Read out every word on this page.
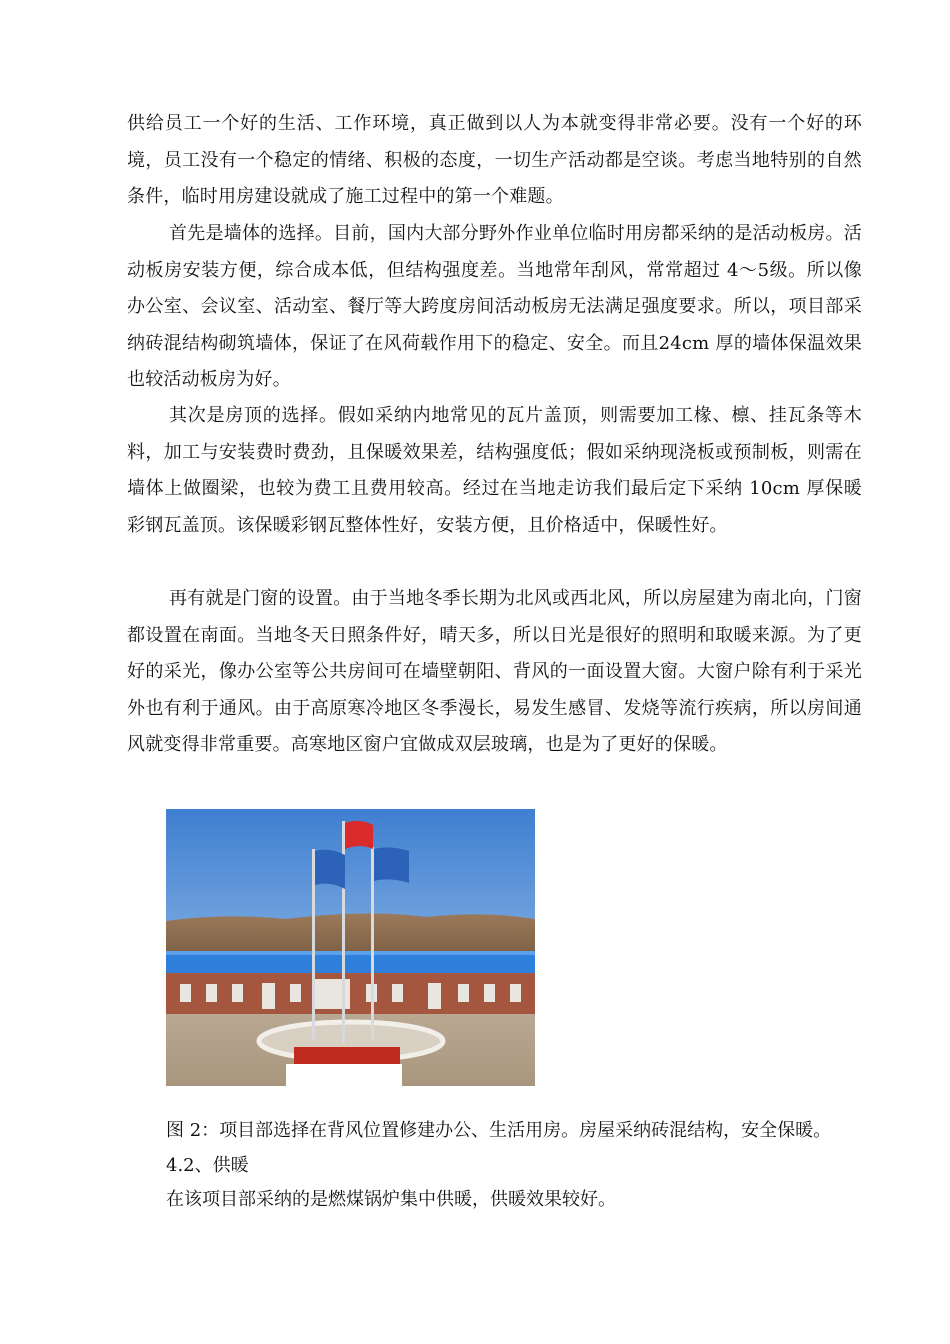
供给员工一个好的生活、工作环境，真正做到以人为本就变得非常必要。没有一个好的环境，员工没有一个稳定的情绪、积极的态度，一切生产活动都是空谈。考虑当地特别的自然条件，临时用房建设就成了施工过程中的第一个难题。

首先是墙体的选择。目前，国内大部分野外作业单位临时用房都采纳的是活动板房。活动板房安装方便，综合成本低，但结构强度差。当地常年刮风，常常超过 4～5级。所以像办公室、会议室、活动室、餐厅等大跨度房间活动板房无法满足强度要求。所以，项目部采纳砖混结构砌筑墙体，保证了在风荷载作用下的稳定、安全。而且24cm 厚的墙体保温效果也较活动板房为好。

其次是房顶的选择。假如采纳内地常见的瓦片盖顶，则需要加工椽、檩、挂瓦条等木料，加工与安装费时费劲，且保暖效果差，结构强度低；假如采纳现浇板或预制板，则需在墙体上做圈梁，也较为费工且费用较高。经过在当地走访我们最后定下采纳 10cm 厚保暖彩钢瓦盖顶。该保暖彩钢瓦整体性好，安装方便，且价格适中，保暖性好。

再有就是门窗的设置。由于当地冬季长期为北风或西北风，所以房屋建为南北向，门窗都设置在南面。当地冬天日照条件好，晴天多，所以日光是很好的照明和取暖来源。为了更好的采光，像办公室等公共房间可在墙壁朝阳、背风的一面设置大窗。大窗户除有利于采光外也有利于通风。由于高原寒冷地区冬季漫长，易发生感冒、发烧等流行疾病，所以房间通风就变得非常重要。高寒地区窗户宜做成双层玻璃，也是为了更好的保暖。

图 2：项目部选择在背风位置修建办公、生活用房。房屋采纳砖混结构，安全保暖。

4.2、供暖

在该项目部采纳的是燃煤锅炉集中供暖，供暖效果较好。
